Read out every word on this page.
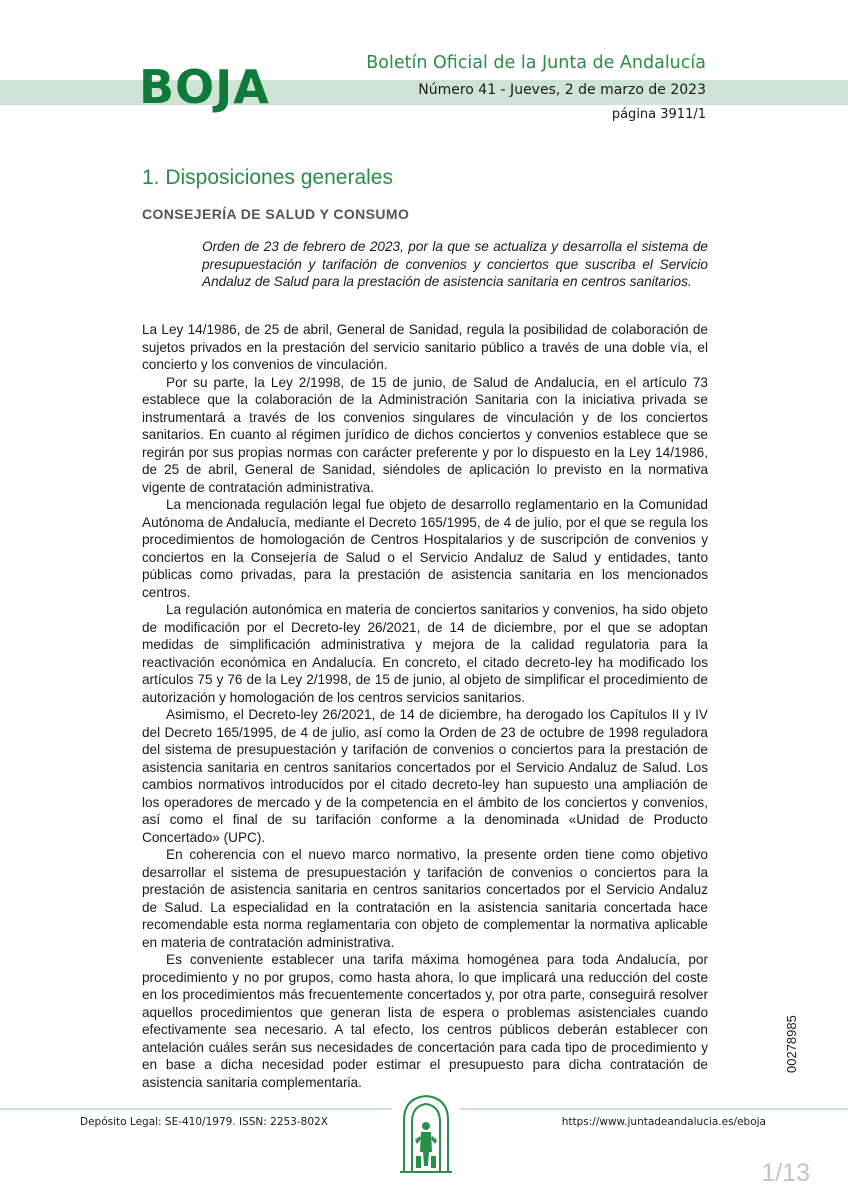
BOJA	Boletín Oficial de la Junta de Andalucía
Número 41 - Jueves, 2 de marzo de 2023
página 3911/1
1. Disposiciones generales
CONSEJERÍA DE SALUD Y CONSUMO

Orden de 23 de febrero de 2023, por la que se actualiza y desarrolla el sistema de presupuestación y tarifación de convenios y conciertos que suscriba el Servicio Andaluz de Salud para la prestación de asistencia sanitaria en centros sanitarios.

La Ley 14/1986, de 25 de abril, General de Sanidad, regula la posibilidad de colaboración de sujetos privados en la prestación del servicio sanitario público a través de una doble vía, el concierto y los convenios de vinculación.

Por su parte, la Ley 2/1998, de 15 de junio, de Salud de Andalucía, en el artículo 73 establece que la colaboración de la Administración Sanitaria con la iniciativa privada se instrumentará a través de los convenios singulares de vinculación y de los conciertos sanitarios. En cuanto al régimen jurídico de dichos conciertos y convenios establece que se regirán por sus propias normas con carácter preferente y por lo dispuesto en la Ley 14/1986, de 25 de abril, General de Sanidad, siéndoles de aplicación lo previsto en la normativa vigente de contratación administrativa.

La mencionada regulación legal fue objeto de desarrollo reglamentario en la Comunidad Autónoma de Andalucía, mediante el Decreto 165/1995, de 4 de julio, por el que se regula los procedimientos de homologación de Centros Hospitalarios y de suscripción de convenios y conciertos en la Consejería de Salud o el Servicio Andaluz de Salud y entidades, tanto públicas como privadas, para la prestación de asistencia sanitaria en los mencionados centros.

La regulación autonómica en materia de conciertos sanitarios y convenios, ha sido objeto de modificación por el Decreto-ley 26/2021, de 14 de diciembre, por el que se adoptan medidas de simplificación administrativa y mejora de la calidad regulatoria para la reactivación económica en Andalucía. En concreto, el citado decreto-ley ha modificado los artículos 75 y 76 de la Ley 2/1998, de 15 de junio, al objeto de simplificar el procedimiento de autorización y homologación de los centros servicios sanitarios.

Asimismo, el Decreto-ley 26/2021, de 14 de diciembre, ha derogado los Capítulos II y IV del Decreto 165/1995, de 4 de julio, así como la Orden de 23 de octubre de 1998 reguladora del sistema de presupuestación y tarifación de convenios o conciertos para la prestación de asistencia sanitaria en centros sanitarios concertados por el Servicio Andaluz de Salud. Los cambios normativos introducidos por el citado decreto-ley han supuesto una ampliación de los operadores de mercado y de la competencia en el ámbito de los conciertos y convenios, así como el final de su tarifación conforme a la denominada «Unidad de Producto Concertado» (UPC).

En coherencia con el nuevo marco normativo, la presente orden tiene como objetivo desarrollar el sistema de presupuestación y tarifación de convenios o conciertos para la prestación de asistencia sanitaria en centros sanitarios concertados por el Servicio Andaluz de Salud. La especialidad en la contratación en la asistencia sanitaria concertada hace recomendable esta norma reglamentaria con objeto de complementar la normativa aplicable en materia de contratación administrativa.

Es conveniente establecer una tarifa máxima homogénea para toda Andalucía, por procedimiento y no por grupos, como hasta ahora, lo que implicará una reducción del coste en los procedimientos más frecuentemente concertados y, por otra parte, conseguirá resolver aquellos procedimientos que generan lista de espera o problemas asistenciales cuando efectivamente sea necesario. A tal efecto, los centros públicos deberán establecer con antelación cuáles serán sus necesidades de concertación para cada tipo de procedimiento y en base a dicha necesidad poder estimar el presupuesto para dicha contratación de asistencia sanitaria complementaria.

00278985
Depósito Legal: SE-410/1979. ISSN: 2253-802X	https://www.juntadeandalucia.es/eboja
1/13
